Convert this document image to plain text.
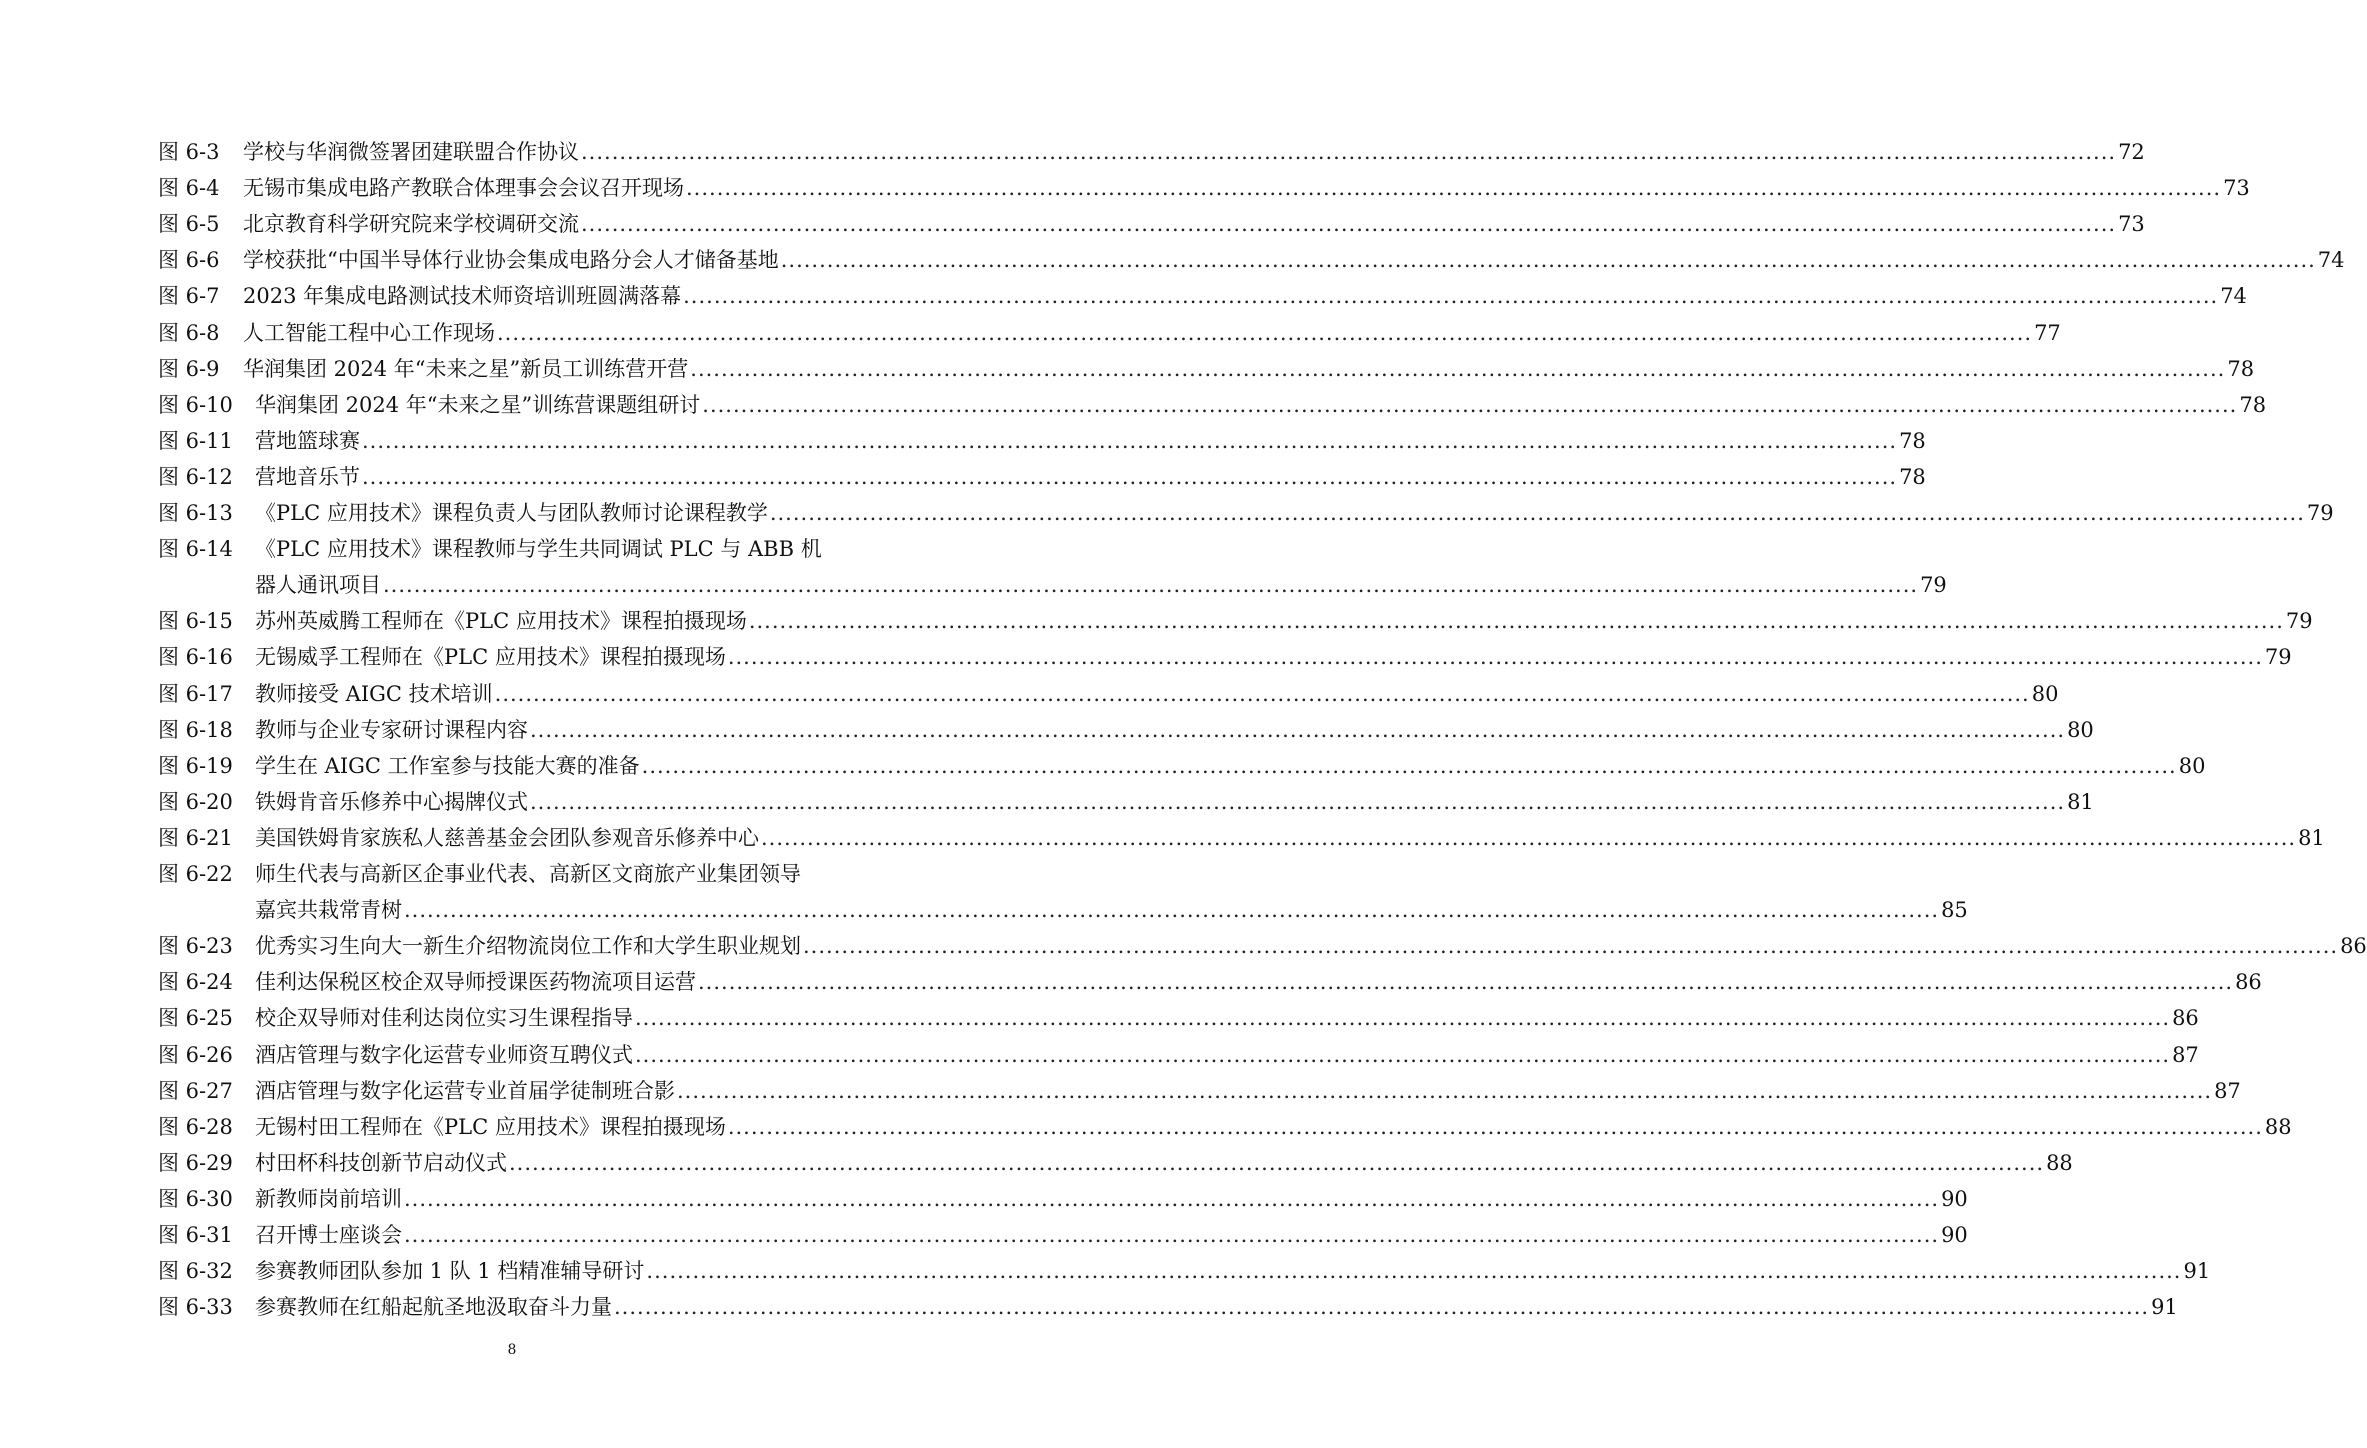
图 6-3 学校与华润微签署团建联盟合作协议 ........................................................................................................................................................................................................ 72
图 6-4 无锡市集成电路产教联合体理事会会议召开现场 ........................................................................................................................................................................................................ 73
图 6-5 北京教育科学研究院来学校调研交流 ........................................................................................................................................................................................................ 73
图 6-6 学校获批“中国半导体行业协会集成电路分会人才储备基地 ........................................................................................................................................................................................................ 74
图 6-7 2023 年集成电路测试技术师资培训班圆满落幕 ........................................................................................................................................................................................................ 74
图 6-8 人工智能工程中心工作现场 ........................................................................................................................................................................................................ 77
图 6-9 华润集团 2024 年“未来之星”新员工训练营开营 ........................................................................................................................................................................................................ 78
图 6-10 华润集团 2024 年“未来之星”训练营课题组研讨 ........................................................................................................................................................................................................ 78
图 6-11 营地篮球赛 ........................................................................................................................................................................................................ 78
图 6-12 营地音乐节 ........................................................................................................................................................................................................ 78
图 6-13 《PLC 应用技术》课程负责人与团队教师讨论课程教学 ........................................................................................................................................................................................................ 79
图 6-14 《PLC 应用技术》课程教师与学生共同调试 PLC 与 ABB 机
器人通讯项目 ........................................................................................................................................................................................................ 79
图 6-15 苏州英威腾工程师在《PLC 应用技术》课程拍摄现场 ........................................................................................................................................................................................................ 79
图 6-16 无锡威孚工程师在《PLC 应用技术》课程拍摄现场 ........................................................................................................................................................................................................ 79
图 6-17 教师接受 AIGC 技术培训 ........................................................................................................................................................................................................ 80
图 6-18 教师与企业专家研讨课程内容 ........................................................................................................................................................................................................ 80
图 6-19 学生在 AIGC 工作室参与技能大赛的准备 ........................................................................................................................................................................................................ 80
图 6-20 铁姆肯音乐修养中心揭牌仪式 ........................................................................................................................................................................................................ 81
图 6-21 美国铁姆肯家族私人慈善基金会团队参观音乐修养中心 ........................................................................................................................................................................................................ 81
图 6-22 师生代表与高新区企事业代表、高新区文商旅产业集团领导
嘉宾共栽常青树 ........................................................................................................................................................................................................ 85
图 6-23 优秀实习生向大一新生介绍物流岗位工作和大学生职业规划 ........................................................................................................................................................................................................ 86
图 6-24 佳利达保税区校企双导师授课医药物流项目运营 ........................................................................................................................................................................................................ 86
图 6-25 校企双导师对佳利达岗位实习生课程指导 ........................................................................................................................................................................................................ 86
图 6-26 酒店管理与数字化运营专业师资互聘仪式 ........................................................................................................................................................................................................ 87
图 6-27 酒店管理与数字化运营专业首届学徒制班合影 ........................................................................................................................................................................................................ 87
图 6-28 无锡村田工程师在《PLC 应用技术》课程拍摄现场 ........................................................................................................................................................................................................ 88
图 6-29 村田杯科技创新节启动仪式 ........................................................................................................................................................................................................ 88
图 6-30 新教师岗前培训 ........................................................................................................................................................................................................ 90
图 6-31 召开博士座谈会 ........................................................................................................................................................................................................ 90
图 6-32 参赛教师团队参加 1 队 1 档精准辅导研讨 ........................................................................................................................................................................................................ 91
图 6-33 参赛教师在红船起航圣地汲取奋斗力量 ........................................................................................................................................................................................................ 91
8
